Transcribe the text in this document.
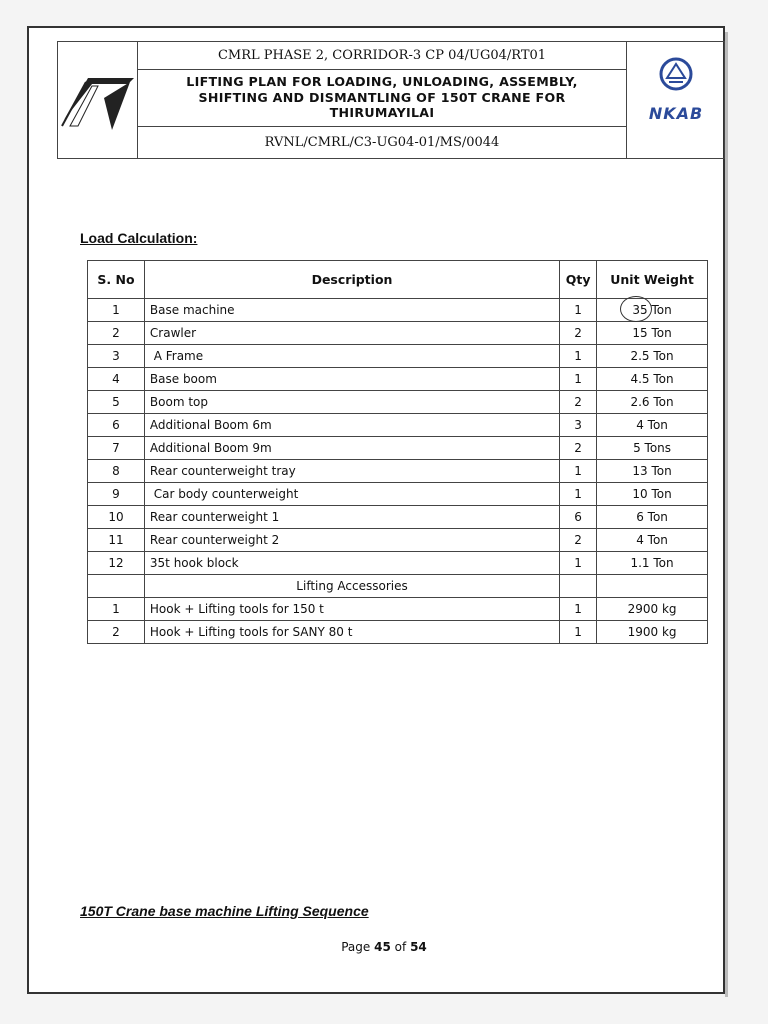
CMRL PHASE 2, CORRIDOR-3 CP 04/UG04/RT01
LIFTING PLAN FOR LOADING, UNLOADING, ASSEMBLY,
SHIFTING AND DISMANTLING OF 150T CRANE FOR
THIRUMAYILAI
RVNL/CMRL/C3-UG04-01/MS/0044
NKAB
Load Calculation:
S. No	Description	Qty	Unit Weight
1	Base machine	1	35 Ton
2	Crawler	2	15 Ton
3	A Frame	1	2.5 Ton
4	Base boom	1	4.5 Ton
5	Boom top	2	2.6 Ton
6	Additional Boom 6m	3	4 Ton
7	Additional Boom 9m	2	5 Tons
8	Rear counterweight tray	1	13 Ton
9	Car body counterweight	1	10 Ton
10	Rear counterweight 1	6	6 Ton
11	Rear counterweight 2	2	4 Ton
12	35t hook block	1	1.1 Ton
	Lifting Accessories		
1	Hook + Lifting tools for 150 t	1	2900 kg
2	Hook + Lifting tools for SANY 80 t	1	1900 kg
150T Crane base machine Lifting Sequence
Page 45 of 54
